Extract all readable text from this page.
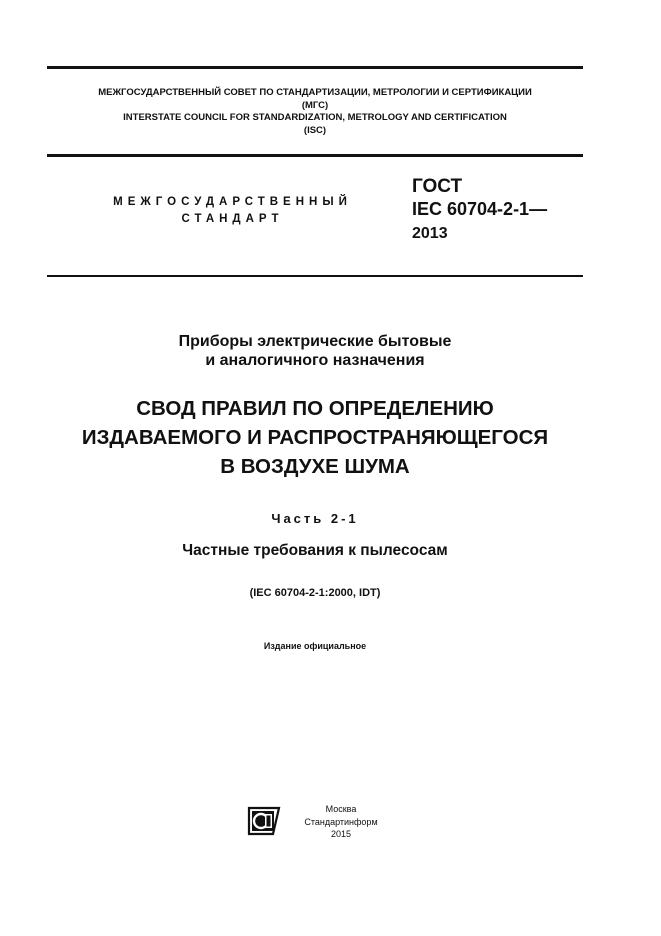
МЕЖГОСУДАРСТВЕННЫЙ СОВЕТ ПО СТАНДАРТИЗАЦИИ, МЕТРОЛОГИИ И СЕРТИФИКАЦИИ
(МГС)
INTERSTATE COUNCIL FOR STANDARDIZATION, METROLOGY AND CERTIFICATION
(ISC)
МЕЖГОСУДАРСТВЕННЫЙ
СТАНДАРТ
ГОСТ
IEC 60704-2-1—
2013
Приборы электрические бытовые
и аналогичного назначения
СВОД ПРАВИЛ ПО ОПРЕДЕЛЕНИЮ
ИЗДАВАЕМОГО И РАСПРОСТРАНЯЮЩЕГОСЯ
В ВОЗДУХЕ ШУМА
Часть 2-1
Частные требования к пылесосам
(IEC 60704-2-1:2000, IDT)
Издание официальное
Москва
Стандартинформ
2015
